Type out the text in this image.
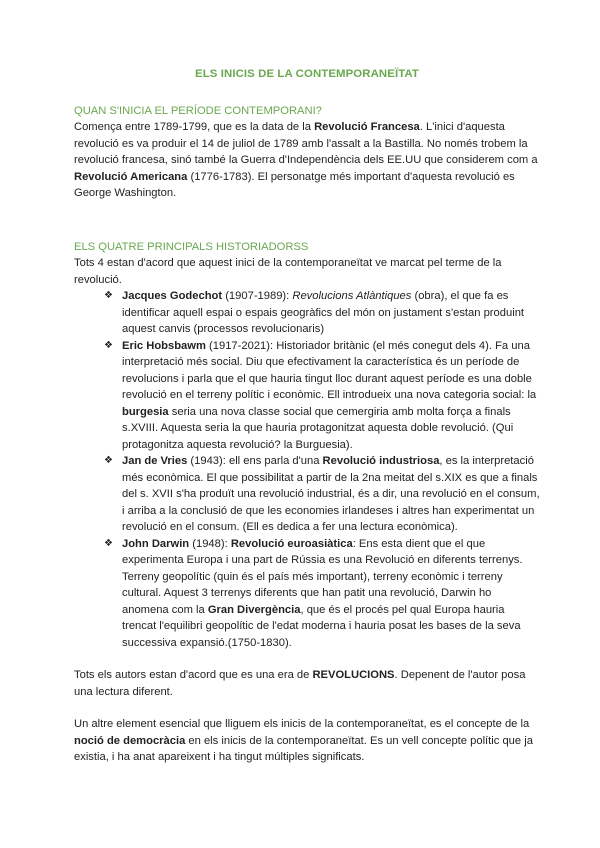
ELS INICIS DE LA CONTEMPORANEÏTAT
QUAN S'INICIA EL PERÍODE CONTEMPORANI?

Comença entre 1789-1799, que es la data de la Revolució Francesa. L'inici d'aquesta revolució es va produir el 14 de juliol de 1789 amb l'assalt a la Bastilla. No només trobem la revolució francesa, sinó també la Guerra d'Independència dels EE.UU que considerem com a Revolució Americana (1776-1783). El personatge més important d'aquesta revolució es George Washington.

ELS QUATRE PRINCIPALS HISTORIADORSS

Tots 4 estan d'acord que aquest inici de la contemporaneïtat ve marcat pel terme de la revolució.

❖ Jacques Godechot (1907-1989): Revolucions Atlàntiques (obra), el que fa es identificar aquell espai o espais geogràfics del món on justament s'estan produint aquest canvis (processos revolucionaris)
❖ Eric Hobsbawm (1917-2021): Historiador britànic (el més conegut dels 4). Fa una interpretació més social. Diu que efectivament la característica és un període de revolucions i parla que el que hauria tingut lloc durant aquest període es una doble revolució en el terreny polític i econòmic. Ell introdueix una nova categoria social: la burgesia seria una nova classe social que cemergiria amb molta força a finals s.XVIII. Aquesta seria la que hauria protagonitzat aquesta doble revolució. (Qui protagonitza aquesta revolució? la Burguesia).
❖ Jan de Vries (1943): ell ens parla d'una Revolució industriosa, es la interpretació més econòmica. El que possibilitat a partir de la 2na meitat del s.XIX es que a finals del s. XVII s'ha produït una revolució industrial, és a dir, una revolució en el consum, i arriba a la conclusió de que les economies irlandeses i altres han experimentat un revolució en el consum. (Ell es dedica a fer una lectura econòmica).
❖ John Darwin (1948): Revolució euroasiàtica: Ens esta dient que el que experimenta Europa i una part de Rússia es una Revolució en diferents terrenys. Terreny geopolític (quin és el país més important), terreny econòmic i terreny cultural. Aquest 3 terrenys diferents que han patit una revolució, Darwin ho anomena com la Gran Divergència, que és el procés pel qual Europa hauria trencat l'equilibri geopolític de l'edat moderna i hauria posat les bases de la seva successiva expansió.(1750-1830).

Tots els autors estan d'acord que es una era de REVOLUCIONS. Depenent de l'autor posa una lectura diferent.

Un altre element esencial que lliguem els inicis de la contemporaneïtat, es el concepte de la noció de democràcia en els inicis de la contemporaneïtat. Es un vell concepte polític que ja existia, i ha anat apareixent i ha tingut múltiples significats.
